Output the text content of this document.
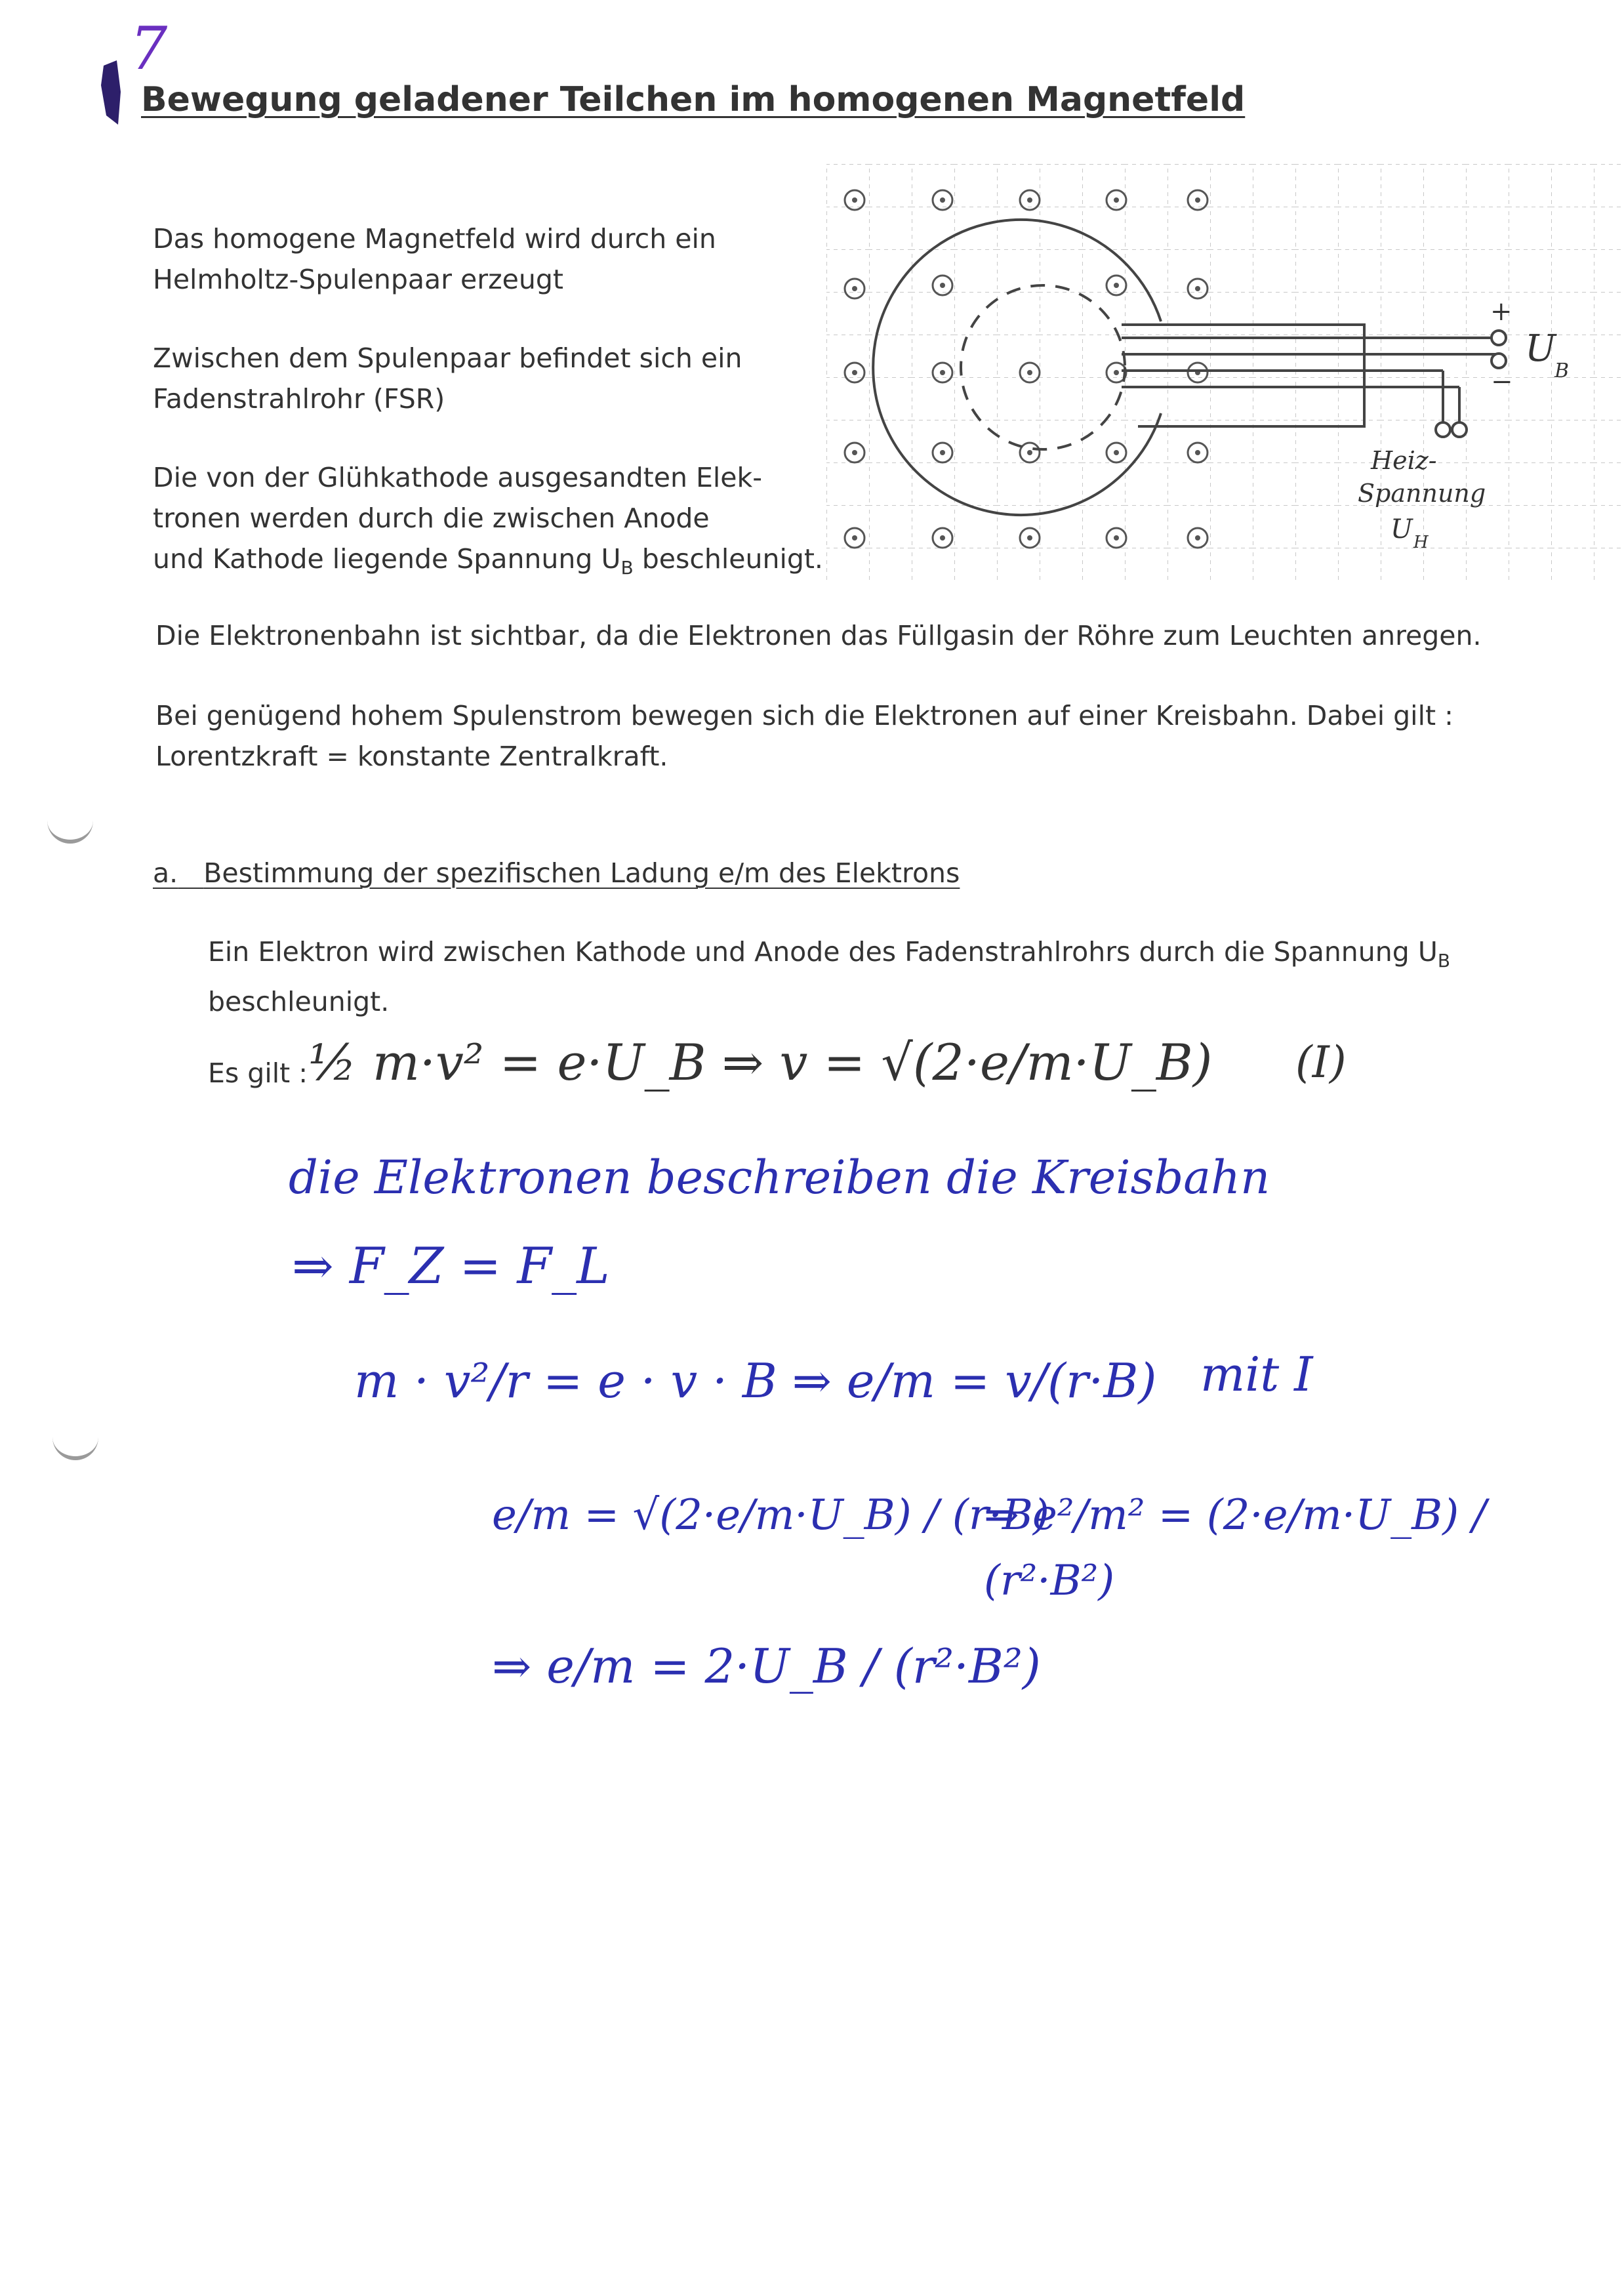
7
Bewegung geladener Teilchen im homogenen Magnetfeld
Das homogene Magnetfeld wird durch ein
Helmholtz-Spulenpaar erzeugt
Zwischen dem Spulenpaar befindet sich ein
Fadenstrahlrohr (FSR)
Die von der Glühkathode ausgesandten Elek-
tronen werden durch die zwischen Anode
und Kathode liegende Spannung $U_B$ beschleunigt.
+
−
U
B
Heiz-
Spannung
U H
Die Elektronenbahn ist sichtbar, da die Elektronen das Füllgasin der Röhre zum Leuchten anregen.
Bei genügend hohem Spulenstrom bewegen sich die Elektronen auf einer Kreisbahn. Dabei gilt :
Lorentzkraft = konstante Zentralkraft.
a. Bestimmung der spezifischen Ladung e/m des Elektrons
Ein Elektron wird zwischen Kathode und Anode des Fadenstrahlrohrs durch die Spannung $U_B$
beschleunigt.
Es gilt : ½ m·v² = e·U_B ⇒ v = √(2·e/m·U_B) (I)
die Elektronen beschreiben die Kreisbahn
⇒ F_Z = F_L
m · v²/r = e · v · B ⇒ e/m = v/(r·B) mit I
e/m = √(2·e/m·U_B) / (r·B)
⇒ e²/m² = (2·e/m·U_B) / (r²·B²)
⇒ e/m = 2·U_B / (r²·B²)
